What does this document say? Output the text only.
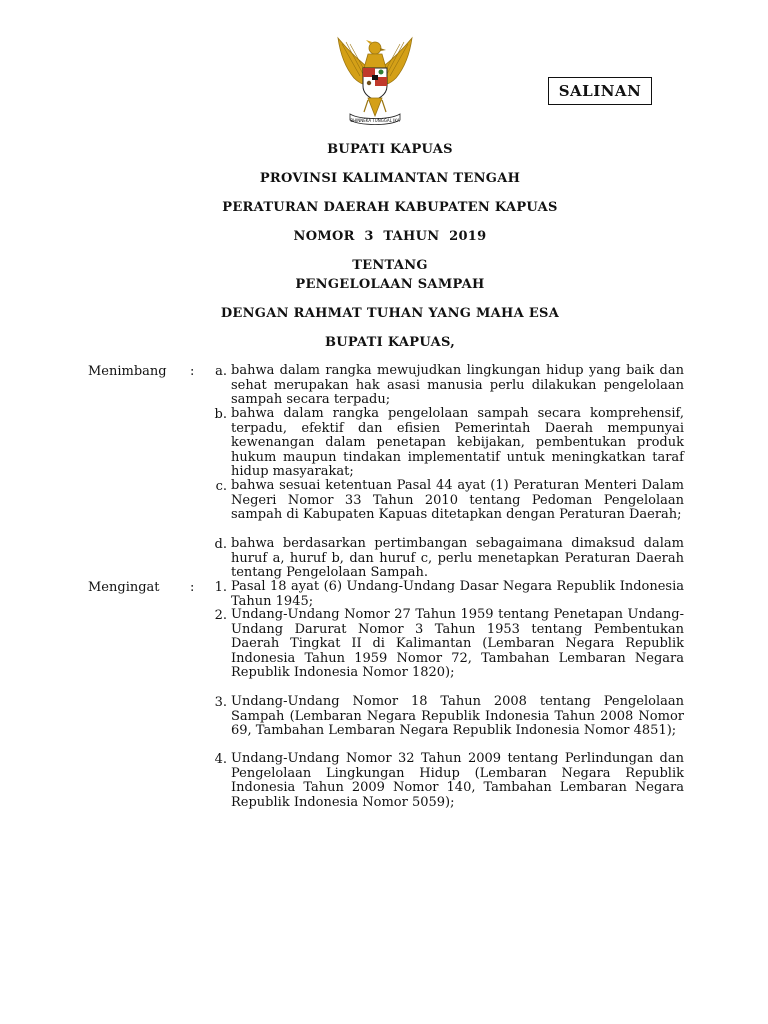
BHINNEKA TUNGGAL IKA
SALINAN
BUPATI KAPUAS
PROVINSI KALIMANTAN TENGAH
PERATURAN DAERAH KABUPATEN KAPUAS
NOMOR  3  TAHUN  2019
TENTANG
PENGELOLAAN SAMPAH
DENGAN RAHMAT TUHAN YANG MAHA ESA
BUPATI KAPUAS,
Menimbang :	a. bahwa dalam rangka mewujudkan lingkungan hidup yang baik dan sehat merupakan hak asasi manusia perlu dilakukan pengelolaan sampah secara terpadu;
b. bahwa dalam rangka pengelolaan sampah secara komprehensif, terpadu, efektif dan efisien Pemerintah Daerah mempunyai kewenangan dalam penetapan kebijakan, pembentukan produk hukum maupun tindakan implementatif untuk meningkatkan taraf hidup masyarakat;
c. bahwa sesuai ketentuan Pasal 44 ayat (1) Peraturan Menteri Dalam Negeri Nomor 33 Tahun 2010 tentang Pedoman Pengelolaan sampah di Kabupaten Kapuas ditetapkan dengan Peraturan Daerah;
d. bahwa berdasarkan pertimbangan sebagaimana dimaksud dalam huruf a, huruf b, dan huruf c, perlu menetapkan Peraturan Daerah tentang Pengelolaan Sampah.
Mengingat :	1. Pasal 18 ayat (6) Undang-Undang Dasar Negara Republik Indonesia Tahun 1945;
2. Undang-Undang Nomor 27 Tahun 1959 tentang Penetapan Undang-Undang Darurat Nomor 3 Tahun 1953 tentang Pembentukan Daerah Tingkat II di Kalimantan (Lembaran Negara Republik Indonesia Tahun 1959 Nomor 72, Tambahan Lembaran Negara Republik Indonesia Nomor 1820);
3. Undang-Undang Nomor 18 Tahun 2008 tentang Pengelolaan Sampah (Lembaran Negara Republik Indonesia Tahun 2008 Nomor 69, Tambahan Lembaran Negara Republik Indonesia Nomor 4851);
4. Undang-Undang Nomor 32 Tahun 2009 tentang Perlindungan dan Pengelolaan Lingkungan Hidup (Lembaran Negara Republik Indonesia Tahun 2009 Nomor 140, Tambahan Lembaran Negara Republik Indonesia Nomor 5059);
